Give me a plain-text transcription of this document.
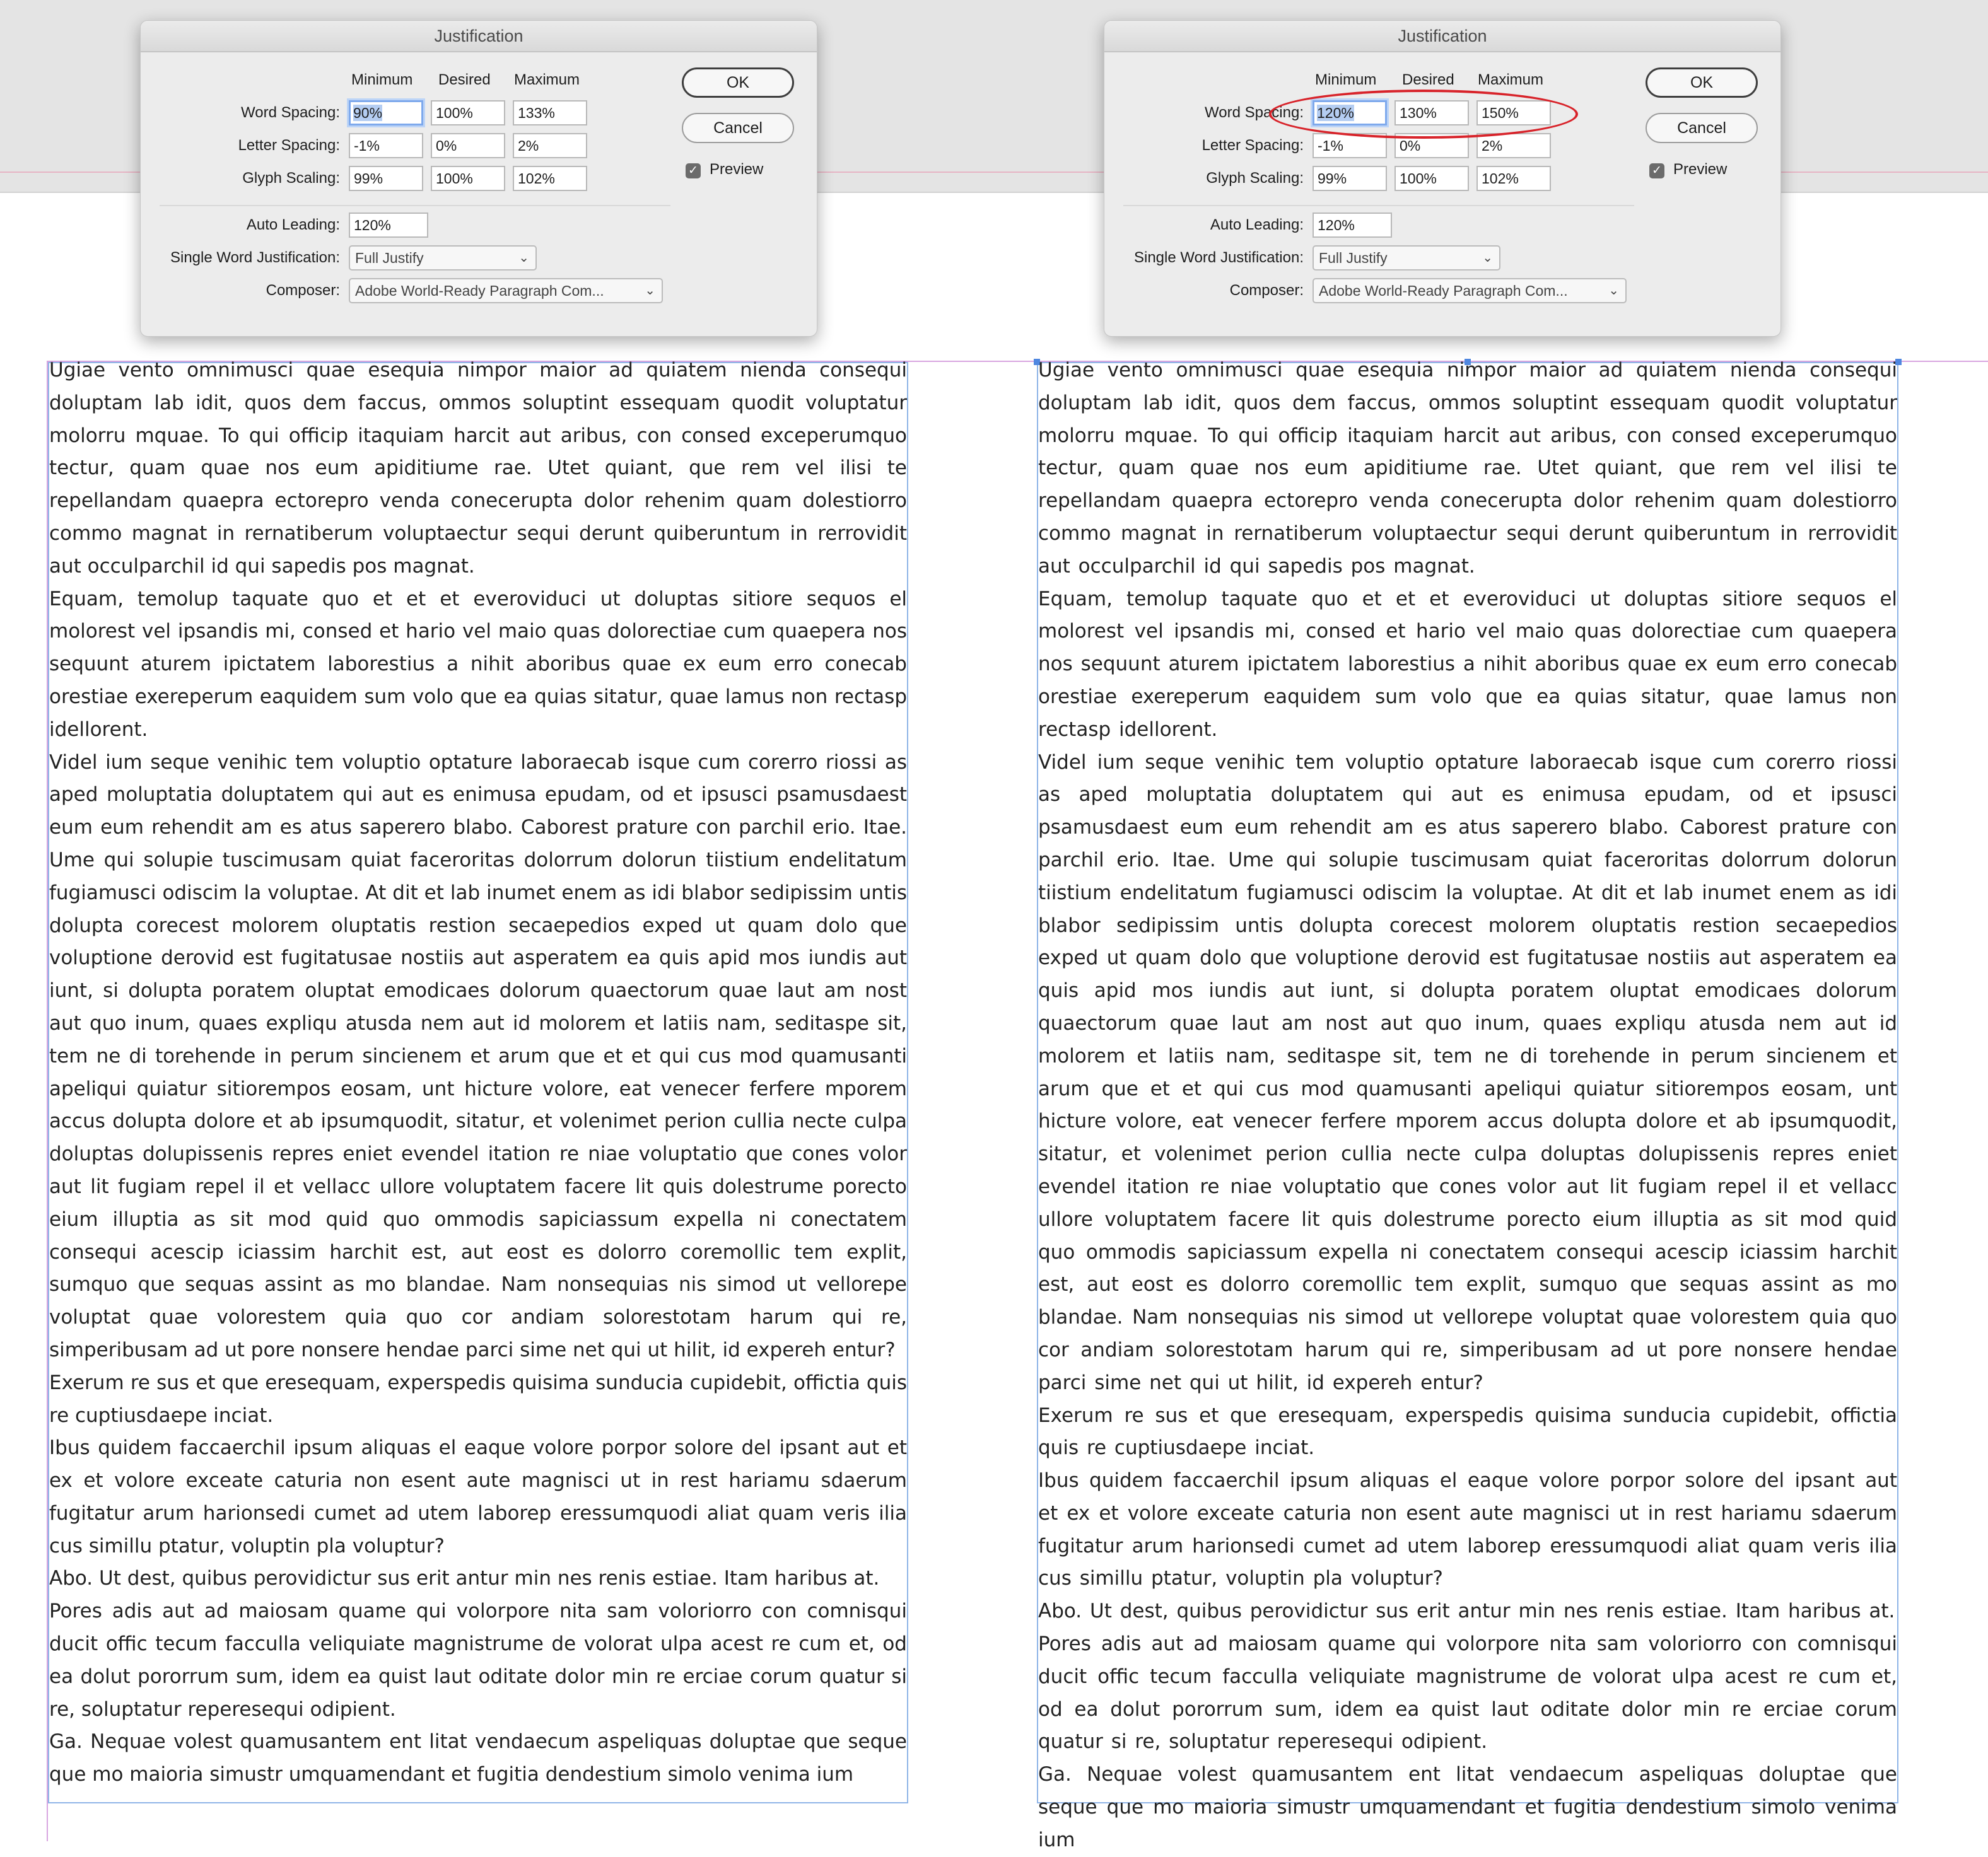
Justification
Minimum Desired Maximum
Word Spacing: 90%	100%	133%
Letter Spacing: -1%	0%	2%
Glyph Scaling: 99%	100%	102%
Auto Leading: 120%
Single Word Justification:	Full Justify	⌄
Composer:	Adobe World-Ready Paragraph Com...	⌄
OK
Cancel
✓ Preview
Justification
Minimum Desired Maximum
Word Spacing: 120%	130%	150%
Letter Spacing: -1%	0%	2%
Glyph Scaling: 99%	100%	102%
Auto Leading: 120%
Single Word Justification:	Full Justify	⌄
Composer:	Adobe World-Ready Paragraph Com...	⌄
OK
Cancel
✓ Preview

Ugiae vento omnimusci quae esequia nimpor maior ad quiatem nienda consequi doluptam lab idit, quos dem faccus, ommos soluptint essequam quodit voluptatur molorru mquae. To qui officip itaquiam harcit aut aribus, con consed exceperumquo tectur, quam quae nos eum apiditiume rae. Utet quiant, que rem vel ilisi te repellandam quaepra ectorepro venda conecerupta dolor rehenim quam dolestiorro commo magnat in rernatiberum voluptaectur sequi derunt quiberuntum in rerrovidit aut occulparchil id qui sapedis pos magnat.

Equam, temolup taquate quo et et et everoviduci ut doluptas sitiore sequos el molorest vel ipsandis mi, consed et hario vel maio quas dolorectiae cum quaepera nos sequunt aturem ipictatem laborestius a nihit aboribus quae ex eum erro conecab orestiae exereperum eaquidem sum volo que ea quias sitatur, quae lamus non rectasp idellorent.

Videl ium seque venihic tem voluptio optature laboraecab isque cum corerro riossi as aped moluptatia doluptatem qui aut es enimusa epudam, od et ipsusci psamusdaest eum eum rehendit am es atus saperero blabo. Caborest prature con parchil erio. Itae. Ume qui solupie tuscimusam quiat faceroritas dolorrum dolorun tiistium endelitatum fugiamusci odiscim la voluptae. At dit et lab inumet enem as idi blabor sedipissim untis dolupta corecest molorem oluptatis restion secaepedios exped ut quam dolo que voluptione derovid est fugitatusae nostiis aut asperatem ea quis apid mos iundis aut iunt, si dolupta poratem oluptat emodicaes dolorum quaectorum quae laut am nost aut quo inum, quaes expliqu atusda nem aut id molorem et latiis nam, seditaspe sit, tem ne di torehende in perum sincienem et arum que et et qui cus mod quamusanti apeliqui quiatur sitiorempos eosam, unt hicture volore, eat venecer ferfere mporem accus dolupta dolore et ab ipsumquodit, sitatur, et volenimet perion cullia necte culpa doluptas dolupissenis repres eniet evendel itation re niae voluptatio que cones volor aut lit fugiam repel il et vellacc ullore voluptatem facere lit quis dolestrume porecto eium illuptia as sit mod quid quo ommodis sapiciassum expella ni conectatem consequi acescip iciassim harchit est, aut eost es dolorro coremollic tem explit, sumquo que sequas assint as mo blandae. Nam nonsequias nis simod ut vellorepe voluptat quae volorestem quia quo cor andiam solorestotam harum qui re, simperibusam ad ut pore nonsere hendae parci sime net qui ut hilit, id expereh entur?

Exerum re sus et que eresequam, experspedis quisima sunducia cupidebit, offictia quis re cuptiusdaepe inciat.

Ibus quidem faccaerchil ipsum aliquas el eaque volore porpor solore del ipsant aut et ex et volore exceate caturia non esent aute magnisci ut in rest hariamu sdaerum fugitatur arum harionsedi cumet ad utem laborep eressumquodi aliat quam veris ilia cus simillu ptatur, voluptin pla voluptur?

Abo. Ut dest, quibus perovidictur sus erit antur min nes renis estiae. Itam haribus at.

Pores adis aut ad maiosam quame qui volorpore nita sam voloriorro con comnisqui ducit offic tecum facculla veliquiate magnistrume de volorat ulpa acest re cum et, od ea dolut pororrum sum, idem ea quist laut oditate dolor min re erciae corum quatur si re, soluptatur reperesequi odipient.

Ga. Nequae volest quamusantem ent litat vendaecum aspeliquas doluptae que seque que mo maioria simustr umquamendant et fugitia dendestium simolo venima ium

Ugiae vento omnimusci quae esequia nimpor maior ad quiatem nienda consequi doluptam lab idit, quos dem faccus, ommos soluptint essequam quodit voluptatur molorru mquae. To qui officip itaquiam harcit aut aribus, con consed exceperumquo tectur, quam quae nos eum apiditiume rae. Utet quiant, que rem vel ilisi te repellandam quaepra ectorepro venda conecerupta dolor rehenim quam dolestiorro commo magnat in rernatiberum voluptaectur sequi derunt quiberuntum in rerrovidit aut occulparchil id qui sapedis pos magnat.

Equam, temolup taquate quo et et et everoviduci ut doluptas sitiore sequos el molorest vel ipsandis mi, consed et hario vel maio quas dolorectiae cum quaepera nos sequunt aturem ipictatem laborestius a nihit aboribus quae ex eum erro conecab orestiae exereperum eaquidem sum volo que ea quias sitatur, quae lamus non rectasp idellorent.

Videl ium seque venihic tem voluptio optature laboraecab isque cum corerro riossi as aped moluptatia doluptatem qui aut es enimusa epudam, od et ipsusci psamusdaest eum eum rehendit am es atus saperero blabo. Caborest prature con parchil erio. Itae. Ume qui solupie tuscimusam quiat faceroritas dolorrum dolorun tiistium endelitatum fugiamusci odiscim la voluptae. At dit et lab inumet enem as idi blabor sedipissim untis dolupta corecest molorem oluptatis restion secaepedios exped ut quam dolo que voluptione derovid est fugitatusae nostiis aut asperatem ea quis apid mos iundis aut iunt, si dolupta poratem oluptat emodicaes dolorum quaectorum quae laut am nost aut quo inum, quaes expliqu atusda nem aut id molorem et latiis nam, seditaspe sit, tem ne di torehende in perum sincienem et arum que et et qui cus mod quamusanti apeliqui quiatur sitiorempos eosam, unt hicture volore, eat venecer ferfere mporem accus dolupta dolore et ab ipsumquodit, sitatur, et volenimet perion cullia necte culpa doluptas dolupissenis repres eniet evendel itation re niae voluptatio que cones volor aut lit fugiam repel il et vellacc ullore voluptatem facere lit quis dolestrume porecto eium illuptia as sit mod quid quo ommodis sapiciassum expella ni conectatem consequi acescip iciassim harchit est, aut eost es dolorro coremollic tem explit, sumquo que sequas assint as mo blandae. Nam nonsequias nis simod ut vellorepe voluptat quae volorestem quia quo cor andiam solorestotam harum qui re, simperibusam ad ut pore nonsere hendae parci sime net qui ut hilit, id expereh entur?

Exerum re sus et que eresequam, experspedis quisima sunducia cupidebit, offictia quis re cuptiusdaepe inciat.

Ibus quidem faccaerchil ipsum aliquas el eaque volore porpor solore del ipsant aut et ex et volore exceate caturia non esent aute magnisci ut in rest hariamu sdaerum fugitatur arum harionsedi cumet ad utem laborep eressumquodi aliat quam veris ilia cus simillu ptatur, voluptin pla voluptur?

Abo. Ut dest, quibus perovidictur sus erit antur min nes renis estiae. Itam haribus at.

Pores adis aut ad maiosam quame qui volorpore nita sam voloriorro con comnisqui ducit offic tecum facculla veliquiate magnistrume de volorat ulpa acest re cum et, od ea dolut pororrum sum, idem ea quist laut oditate dolor min re erciae corum quatur si re, soluptatur reperesequi odipient.

Ga. Nequae volest quamusantem ent litat vendaecum aspeliquas doluptae que seque que mo maioria simustr umquamendant et fugitia dendestium simolo venima ium
